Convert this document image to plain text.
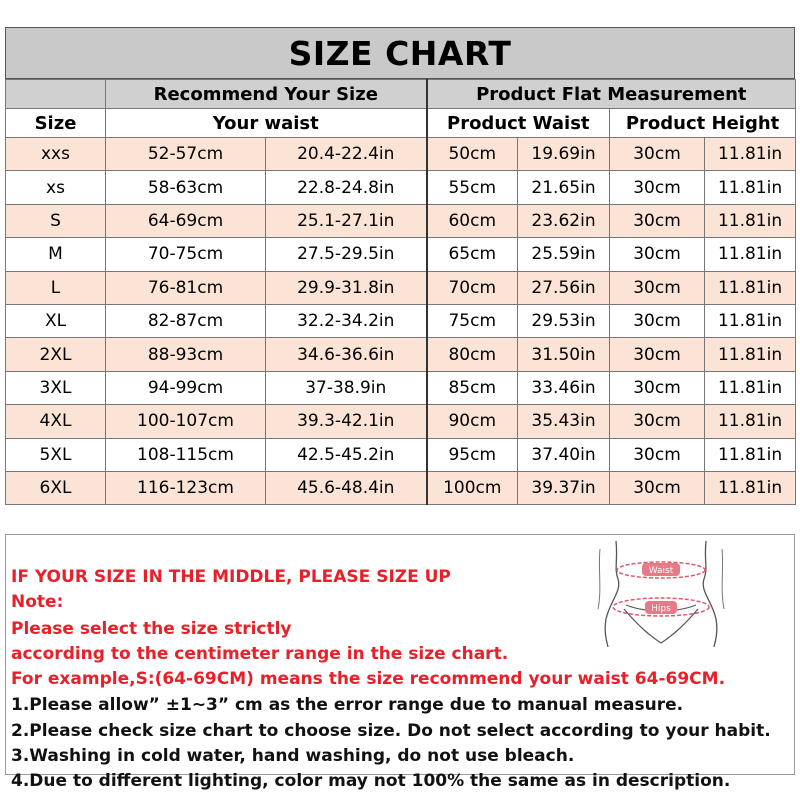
SIZE CHART
	Recommend Your Size		Product Flat Measurement			
Size	Your waist		Product Waist		Product Height	
xxs	52-57cm	20.4-22.4in	50cm	19.69in	30cm	11.81in
xs	58-63cm	22.8-24.8in	55cm	21.65in	30cm	11.81in
S	64-69cm	25.1-27.1in	60cm	23.62in	30cm	11.81in
M	70-75cm	27.5-29.5in	65cm	25.59in	30cm	11.81in
L	76-81cm	29.9-31.8in	70cm	27.56in	30cm	11.81in
XL	82-87cm	32.2-34.2in	75cm	29.53in	30cm	11.81in
2XL	88-93cm	34.6-36.6in	80cm	31.50in	30cm	11.81in
3XL	94-99cm	37-38.9in	85cm	33.46in	30cm	11.81in
4XL	100-107cm	39.3-42.1in	90cm	35.43in	30cm	11.81in
5XL	108-115cm	42.5-45.2in	95cm	37.40in	30cm	11.81in
6XL	116-123cm	45.6-48.4in	100cm	39.37in	30cm	11.81in
Waist
Hips
IF YOUR SIZE IN THE MIDDLE, PLEASE SIZE UP
Note:
Please select the size strictly
according to the centimeter range in the size chart.
For example,S:(64-69CM) means the size recommend your waist 64-69CM.
1.Please allow” ±1~3” cm as the error range due to manual measure.
2.Please check size chart to choose size. Do not select according to your habit.
3.Washing in cold water, hand washing, do not use bleach.
4.Due to different lighting, color may not 100% the same as in description.
